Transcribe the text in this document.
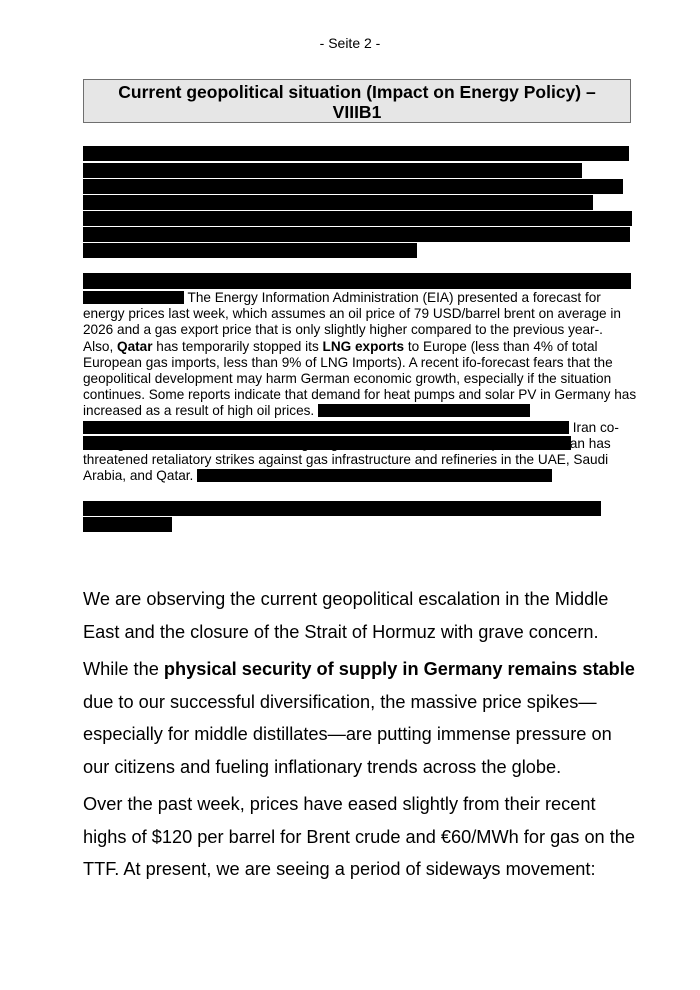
- Seite 2 -
Current geopolitical situation (Impact on Energy Policy) –
VIIIB1

The Energy Information Administration (EIA) presented a forecast for energy prices last week, which assumes an oil price of 79 USD/barrel brent on average in 2026 and a gas export price that is only slightly higher compared to the previous year-.

Also, Qatar has temporarily stopped its LNG exports to Europe (less than 4% of total European gas imports, less than 9% of LNG Imports). A recent ifo-forecast fears that the geopolitical development may harm German economic growth, especially if the situation continues. Some reports indicate that demand for heat pumps and solar PV in Germany has increased as a result of high oil prices.
Iran co-manages South Pars, the world’s largest gas field, with Qatar. In response, Teheran has threatened retaliatory strikes against gas infrastructure and refineries in the UAE, Saudi Arabia, and Qatar.

We are observing the current geopolitical escalation in the Middle East and the closure of the Strait of Hormuz with grave concern.

While the physical security of supply in Germany remains stable due to our successful diversification, the massive price spikes—especially for middle distillates—are putting immense pressure on our citizens and fueling inflationary trends across the globe.

Over the past week, prices have eased slightly from their recent highs of $120 per barrel for Brent crude and €60/MWh for gas on the TTF. At present, we are seeing a period of sideways movement:
